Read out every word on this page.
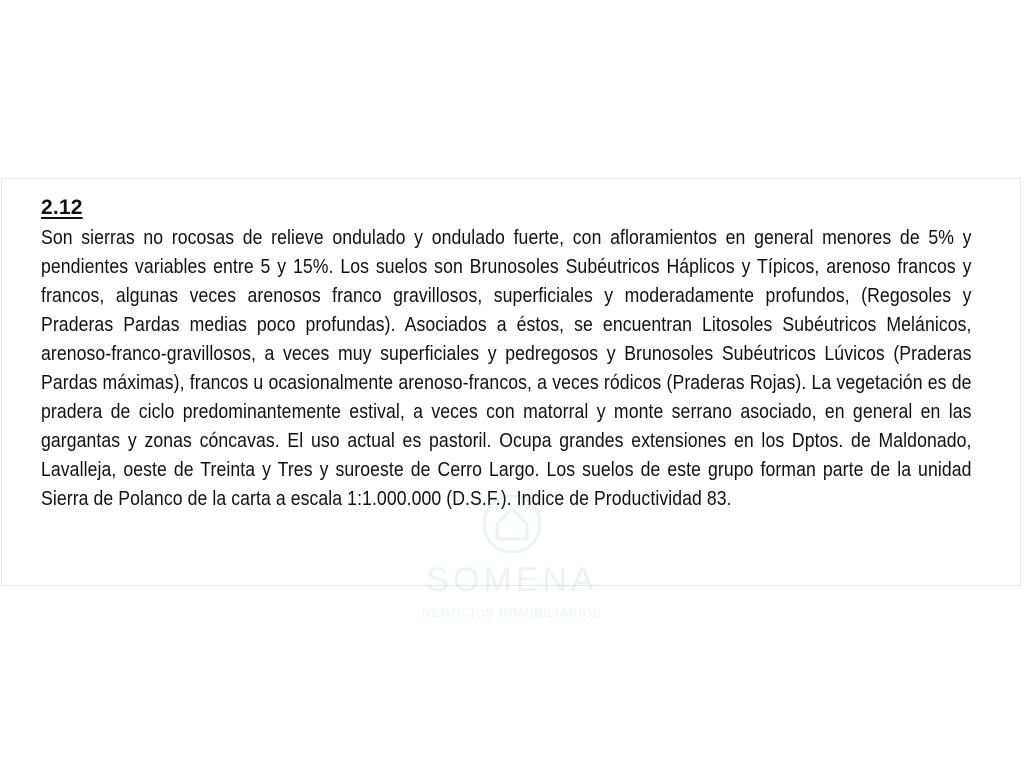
2.12

Son sierras no rocosas de relieve ondulado y ondulado fuerte, con afloramientos en general menores de 5% y pendientes variables entre 5 y 15%. Los suelos son Brunosoles Subéutricos Háplicos y Típicos, arenoso francos y francos, algunas veces arenosos franco gravillosos, superficiales y moderadamente profundos, (Regosoles y Praderas Pardas medias poco profundas). Asociados a éstos, se encuentran Litosoles Subéutricos Melánicos, arenoso-franco-gravillosos, a veces muy superficiales y pedregosos y Brunosoles Subéutricos Lúvicos (Praderas Pardas máximas), francos u ocasionalmente arenoso-francos, a veces ródicos (Praderas Rojas). La vegetación es de pradera de ciclo predominantemente estival, a veces con matorral y monte serrano asociado, en general en las gargantas y zonas cóncavas. El uso actual es pastoril. Ocupa grandes extensiones en los Dptos. de Maldonado, Lavalleja, oeste de Treinta y Tres y suroeste de Cerro Largo. Los suelos de este grupo forman parte de la unidad Sierra de Polanco de la carta a escala 1:1.000.000 (D.S.F.). Indice de Productividad 83.

SOMENA
NEGOCIOS INMOBILIARIOS
